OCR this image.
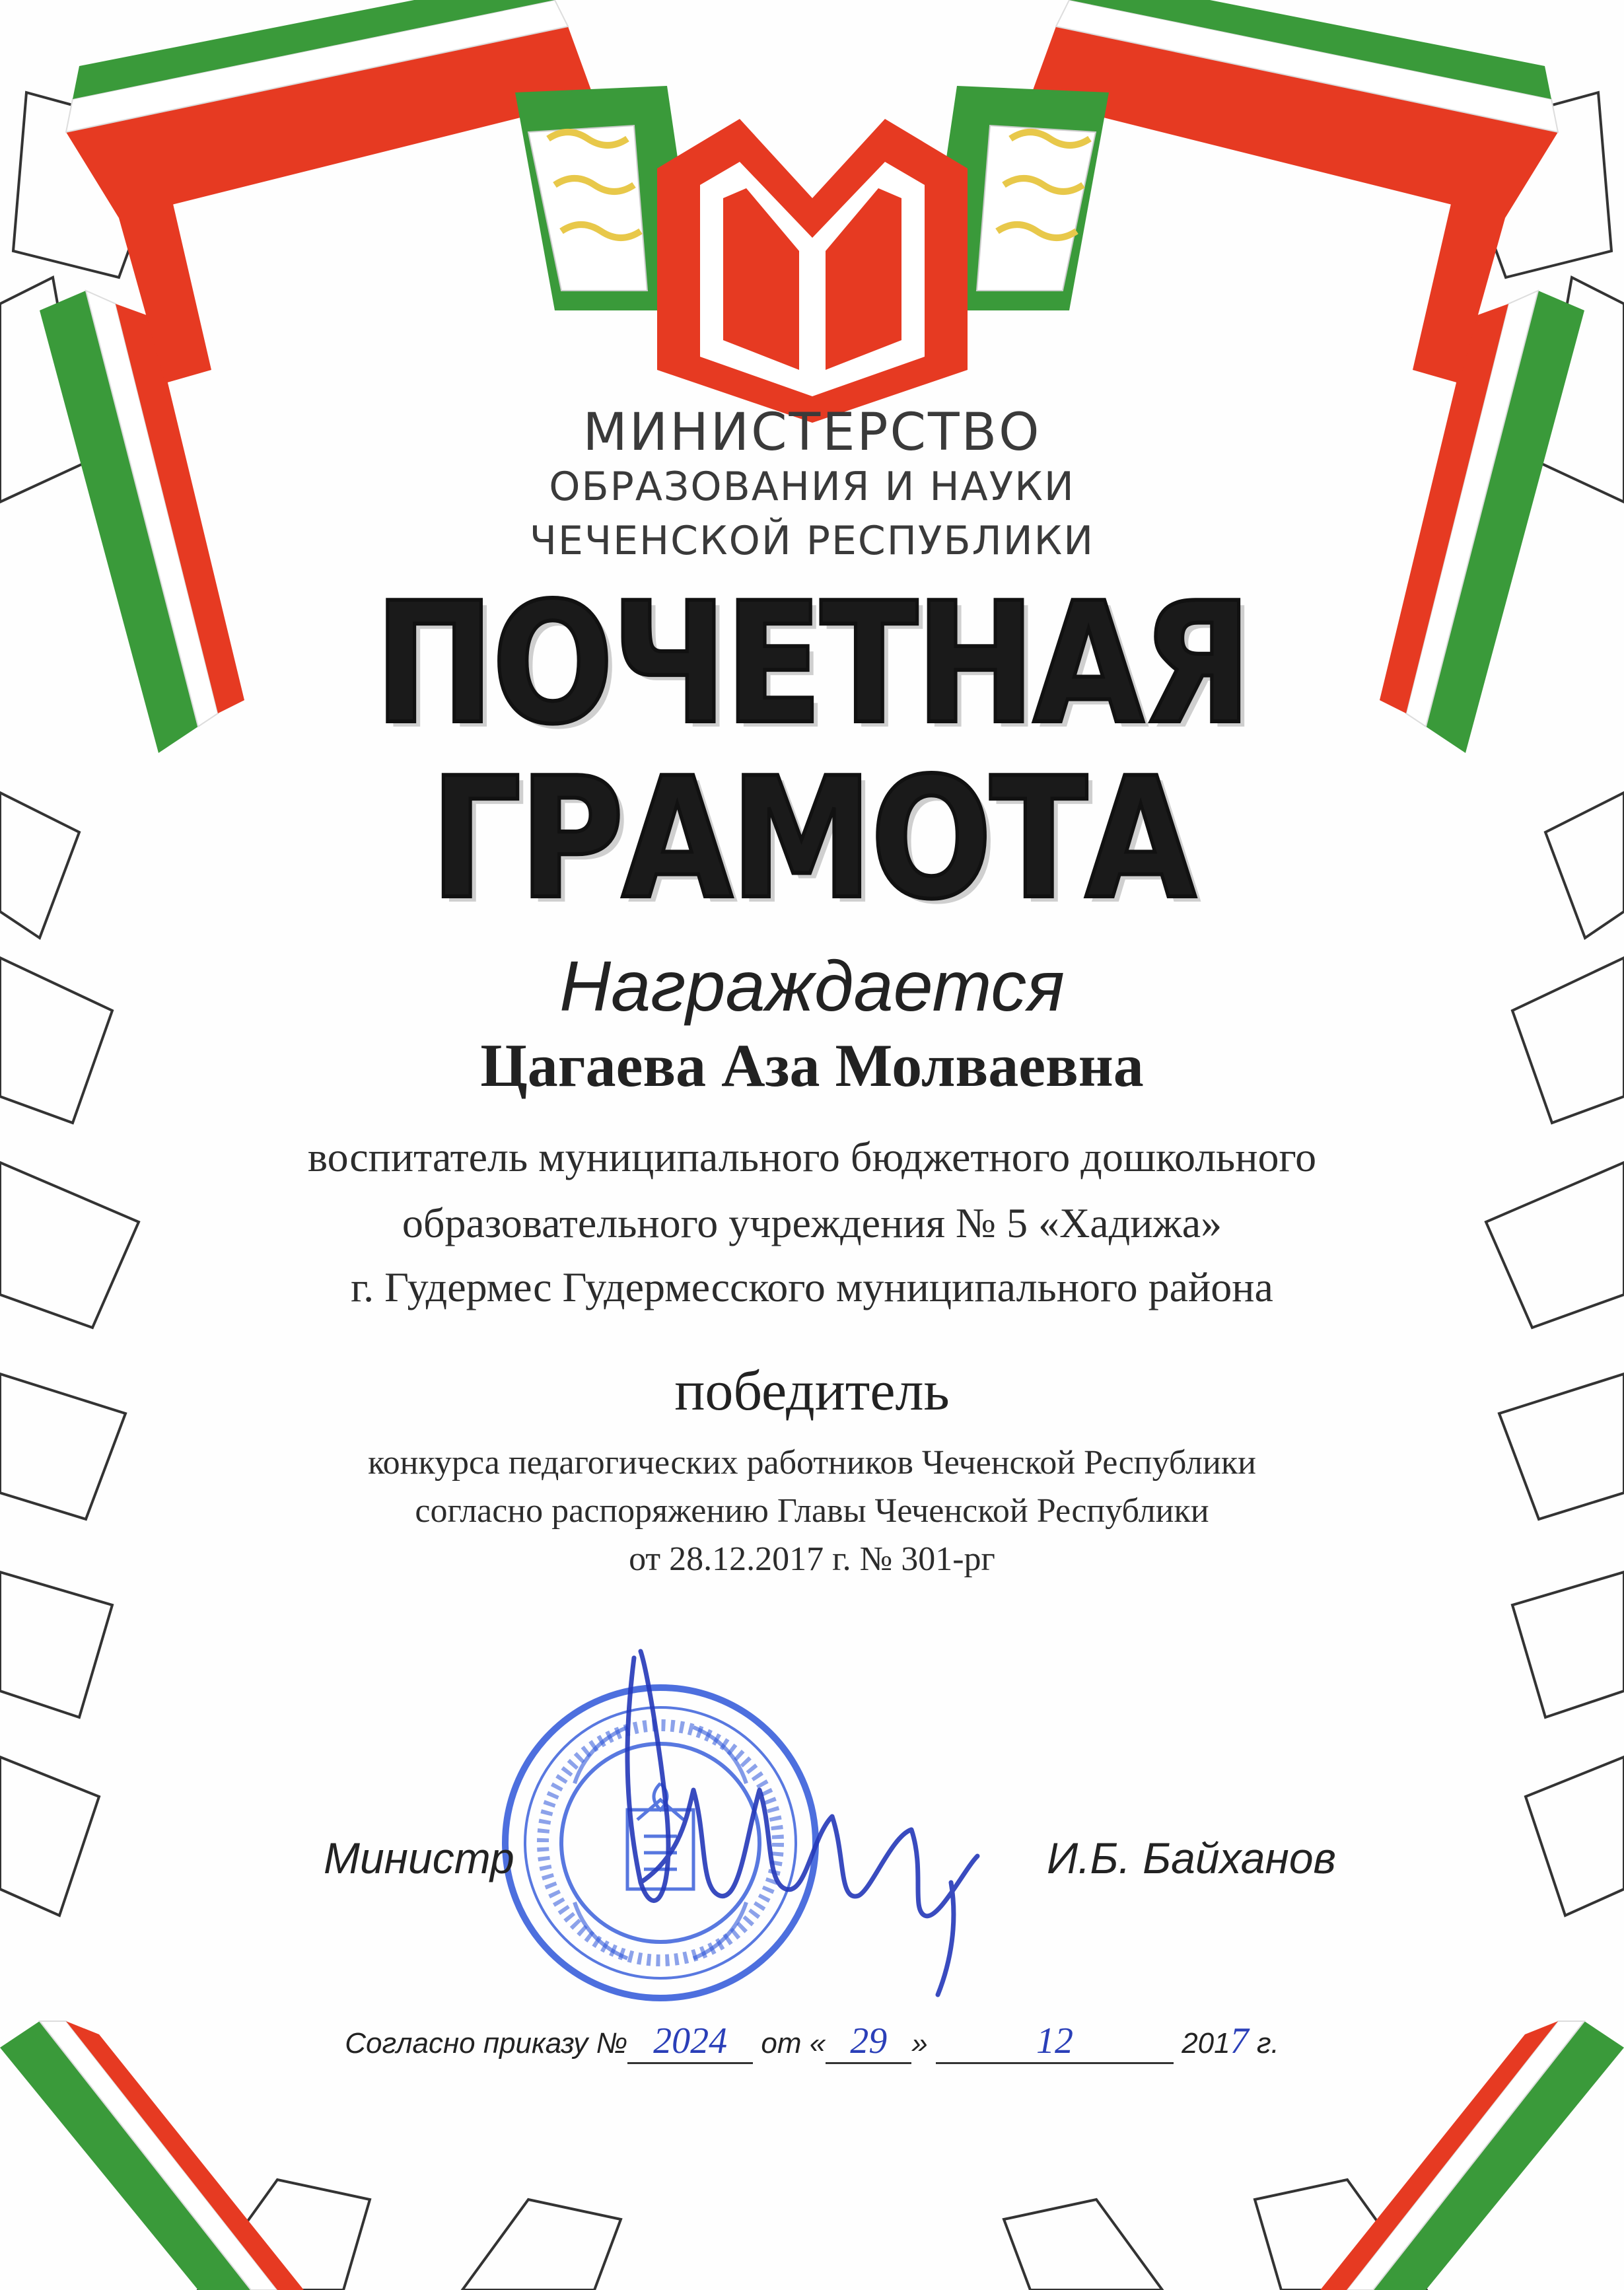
МИНИСТЕРСТВО
ОБРАЗОВАНИЯ И НАУКИ
ЧЕЧЕНСКОЙ РЕСПУБЛИКИ
ПОЧЕТНАЯ
ГРАМОТА
Награждается
Цагаева Аза Молваевна
воспитатель муниципального бюджетного дошкольного
образовательного учреждения № 5 «Хадижа»
г. Гудермес Гудермесского муниципального района
победитель
конкурса педагогических работников Чеченской Республики
согласно распоряжению Главы Чеченской Республики
от 28.12.2017 г. № 301-рг
Министр	И.Б. Байханов
Согласно приказу № 2024 от « 29 »	12	2017 г.
